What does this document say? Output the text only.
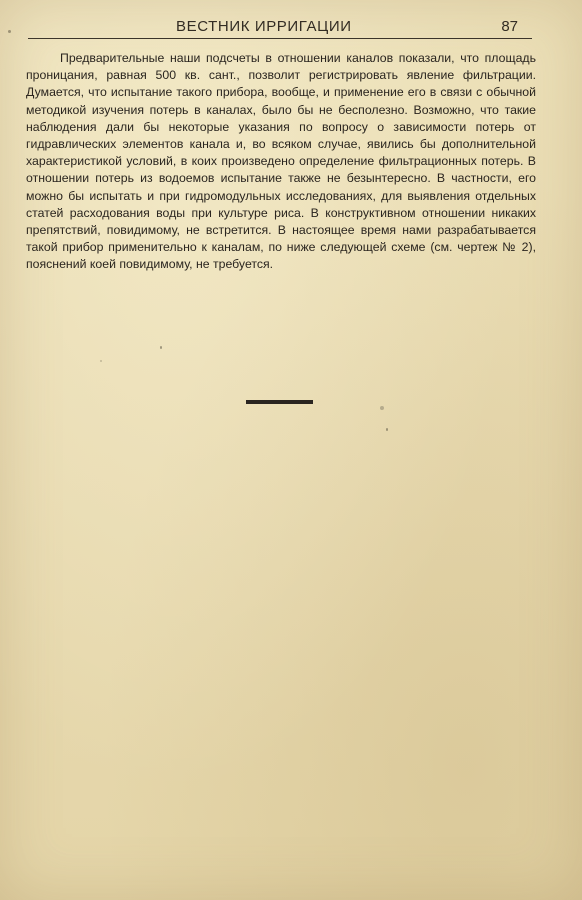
ВЕСТНИК ИРРИГАЦИИ	87

Предварительные наши подсчеты в отношении каналов показали, что площадь проницания, равная 500 кв. сант., позволит регистрировать явление фильтрации. Думается, что испытание такого прибора, вообще, и применение его в связи с обычной методикой изучения потерь в каналах, было бы не бесполезно. Возможно, что такие наблюдения дали бы некоторые указания по вопросу о зависимости потерь от гидравлических элементов канала и, во всяком случае, явились бы дополнительной характеристикой условий, в коих произведено определение фильтрационных потерь. В отношении потерь из водоемов испытание также не безынтересно. В частности, его можно бы испытать и при гидромодульных исследованиях, для выявления отдельных статей расходования воды при культуре риса. В конструктивном отношении никаких препятствий, повидимому, не встретится. В настоящее время нами разрабатывается такой прибор применительно к каналам, по ниже следующей схеме (см. чертеж № 2), пояснений коей повидимому, не требуется.
